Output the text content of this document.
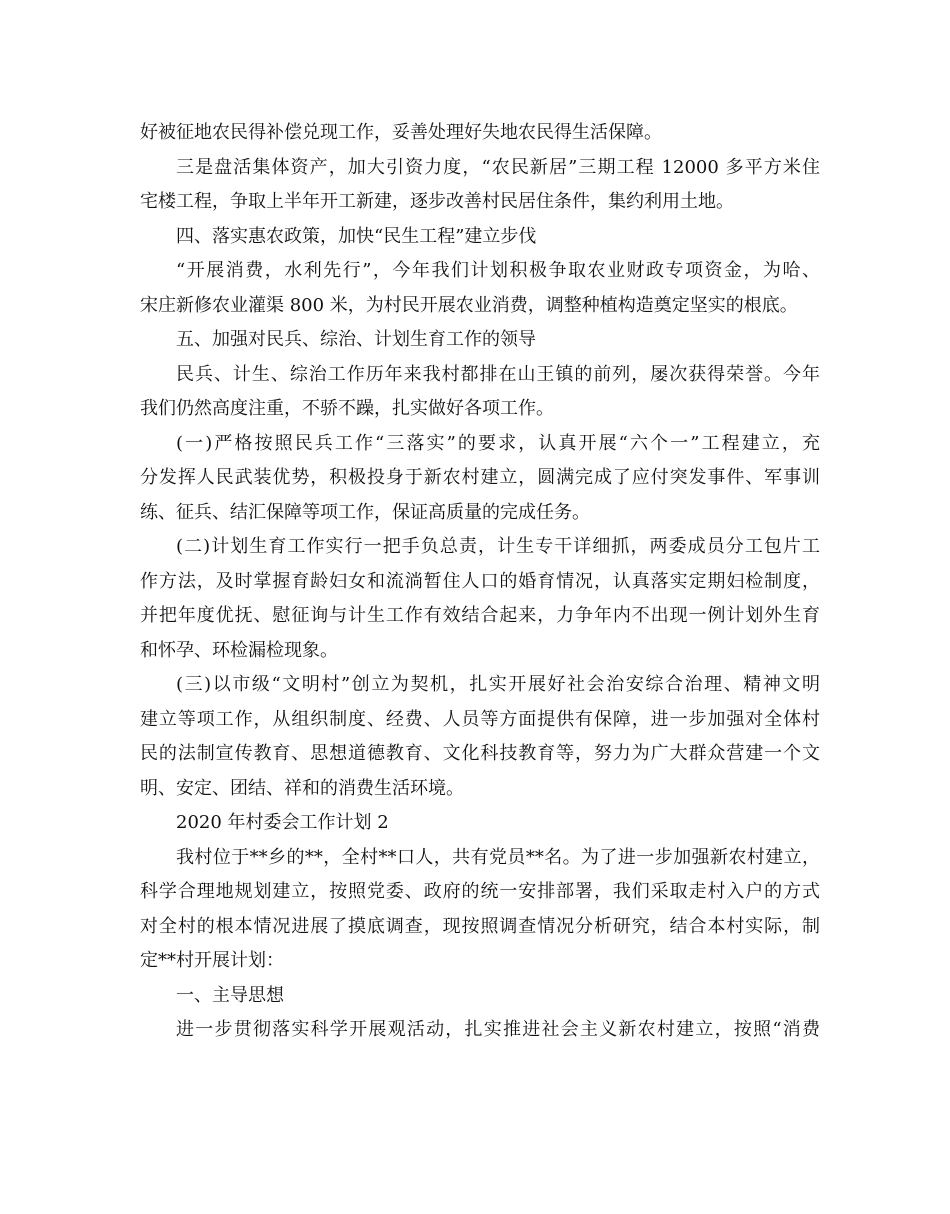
好被征地农民得补偿兑现工作，妥善处理好失地农民得生活保障。
三是盘活集体资产，加大引资力度，“农民新居”三期工程 12000 多平方米住
宅楼工程，争取上半年开工新建，逐步改善村民居住条件，集约利用土地。
四、落实惠农政策，加快“民生工程”建立步伐
“开展消费，水利先行”，今年我们计划积极争取农业财政专项资金，为哈、
宋庄新修农业灌渠 800 米，为村民开展农业消费，调整种植构造奠定坚实的根底。
五、加强对民兵、综治、计划生育工作的领导
民兵、计生、综治工作历年来我村都排在山王镇的前列，屡次获得荣誉。今年
我们仍然高度注重，不骄不躁，扎实做好各项工作。
(一)严格按照民兵工作“三落实”的要求，认真开展“六个一”工程建立，充
分发挥人民武装优势，积极投身于新农村建立，圆满完成了应付突发事件、军事训
练、征兵、结汇保障等项工作，保证高质量的完成任务。
(二)计划生育工作实行一把手负总责，计生专干详细抓，两委成员分工包片工
作方法，及时掌握育龄妇女和流淌暂住人口的婚育情况，认真落实定期妇检制度，
并把年度优抚、慰征询与计生工作有效结合起来，力争年内不出现一例计划外生育
和怀孕、环检漏检现象。
(三)以市级“文明村”创立为契机，扎实开展好社会治安综合治理、精神文明
建立等项工作，从组织制度、经费、人员等方面提供有保障，进一步加强对全体村
民的法制宣传教育、思想道德教育、文化科技教育等，努力为广大群众营建一个文
明、安定、团结、祥和的消费生活环境。
2020 年村委会工作计划 2
我村位于**乡的**，全村**口人，共有党员**名。为了进一步加强新农村建立，
科学合理地规划建立，按照党委、政府的统一安排部署，我们采取走村入户的方式
对全村的根本情况进展了摸底调查，现按照调查情况分析研究，结合本村实际，制
定**村开展计划：
一、主导思想
进一步贯彻落实科学开展观活动，扎实推进社会主义新农村建立，按照“消费
